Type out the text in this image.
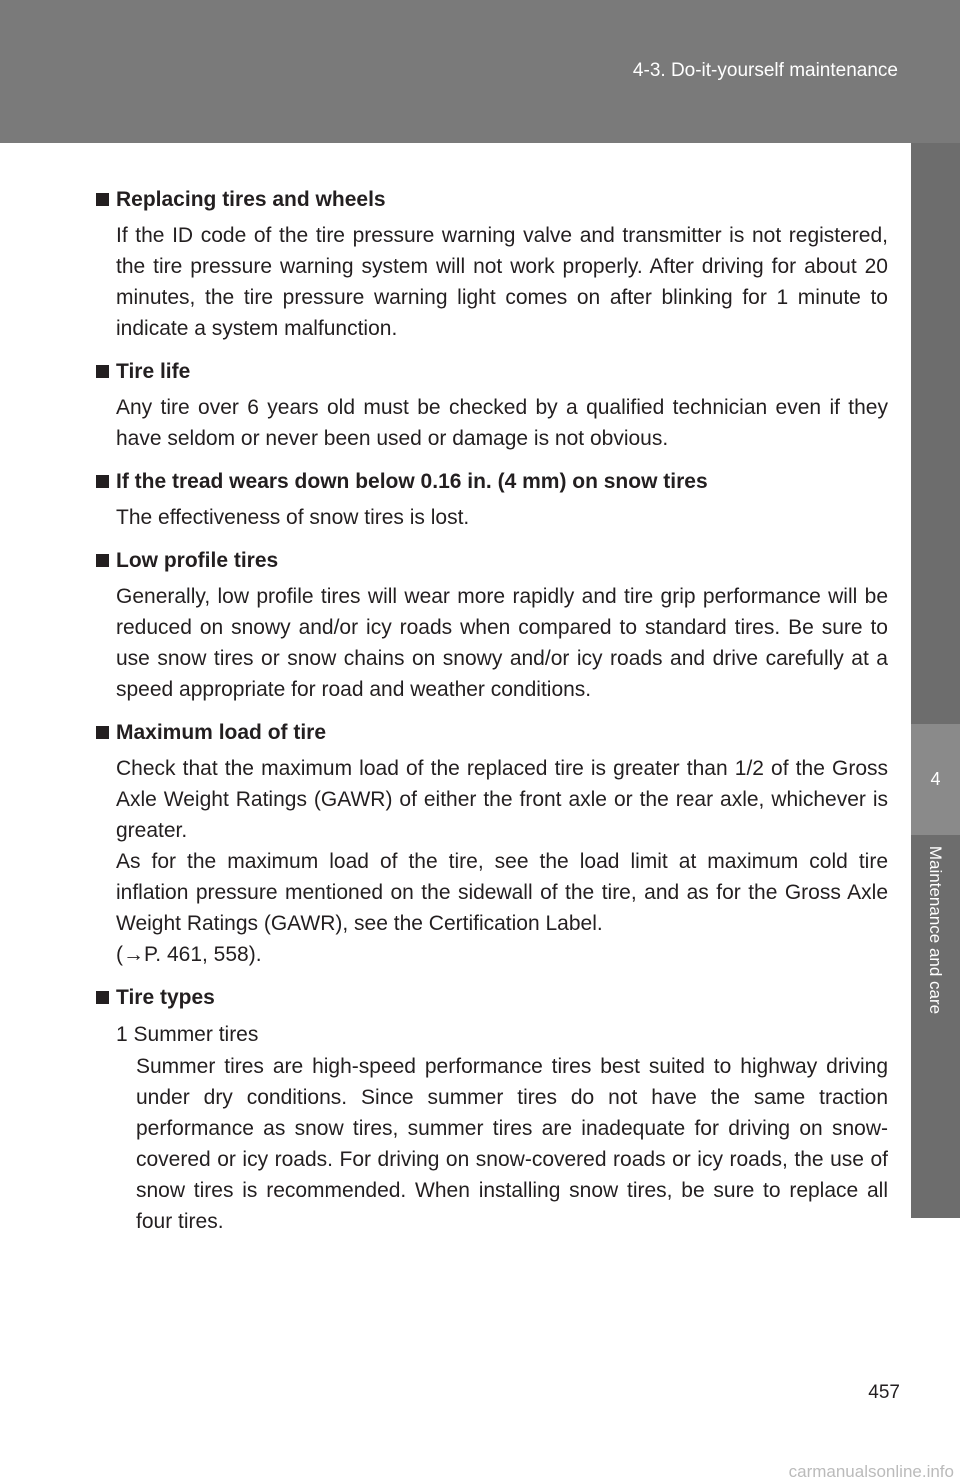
4-3. Do-it-yourself maintenance
4
Maintenance and care
Replacing tires and wheels

If the ID code of the tire pressure warning valve and transmitter is not registered, the tire pressure warning system will not work properly. After driving for about 20 minutes, the tire pressure warning light comes on after blinking for 1 minute to indicate a system malfunction.

Tire life

Any tire over 6 years old must be checked by a qualified technician even if they have seldom or never been used or damage is not obvious.

If the tread wears down below 0.16 in. (4 mm) on snow tires

The effectiveness of snow tires is lost.

Low profile tires

Generally, low profile tires will wear more rapidly and tire grip performance will be reduced on snowy and/or icy roads when compared to standard tires. Be sure to use snow tires or snow chains on snowy and/or icy roads and drive carefully at a speed appropriate for road and weather conditions.

Maximum load of tire

Check that the maximum load of the replaced tire is greater than 1/2 of the Gross Axle Weight Ratings (GAWR) of either the front axle or the rear axle, whichever is greater.

As for the maximum load of the tire, see the load limit at maximum cold tire inflation pressure mentioned on the sidewall of the tire, and as for the Gross Axle Weight Ratings (GAWR), see the Certification Label.

(→P. 461, 558).

Tire types
1 Summer tires
Summer tires are high-speed performance tires best suited to highway driving under dry conditions. Since summer tires do not have the same traction performance as snow tires, summer tires are inadequate for driving on snow-covered or icy roads. For driving on snow-covered roads or icy roads, the use of snow tires is recommended. When installing snow tires, be sure to replace all four tires.
457
carmanualsonline.info
